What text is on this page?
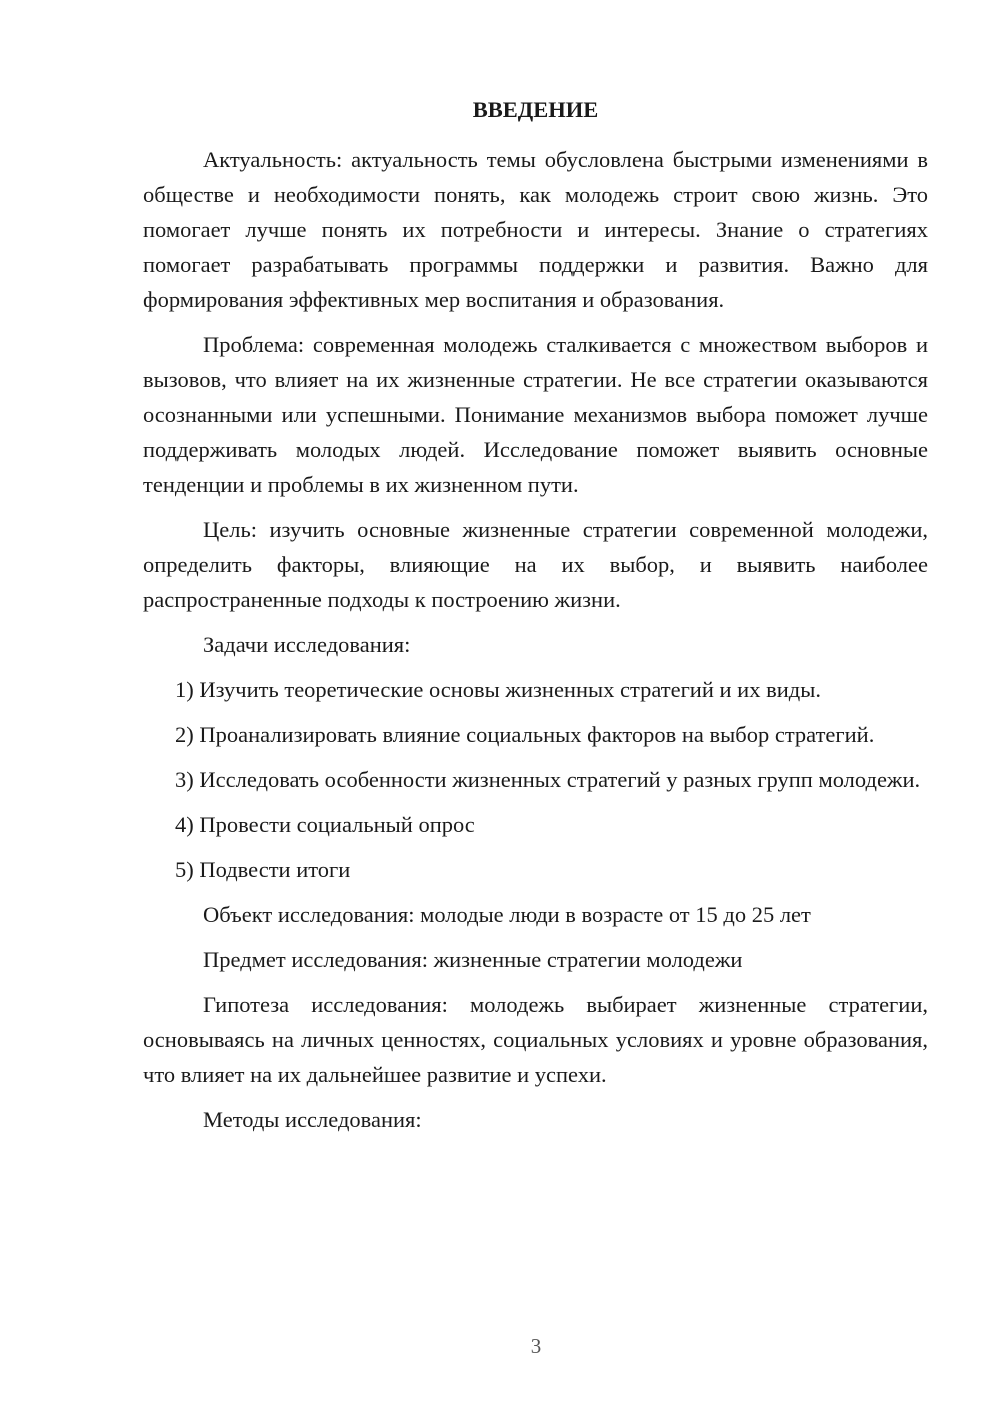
ВВЕДЕНИЕ

Актуальность: актуальность темы обусловлена быстрыми изменениями в обществе и необходимости понять, как молодежь строит свою жизнь. Это помогает лучше понять их потребности и интересы. Знание о стратегиях помогает разрабатывать программы поддержки и развития. Важно для формирования эффективных мер воспитания и образования.

Проблема: современная молодежь сталкивается с множеством выборов и вызовов, что влияет на их жизненные стратегии. Не все стратегии оказываются осознанными или успешными. Понимание механизмов выбора поможет лучше поддерживать молодых людей. Исследование поможет выявить основные тенденции и проблемы в их жизненном пути.

Цель: изучить основные жизненные стратегии современной молодежи, определить факторы, влияющие на их выбор, и выявить наиболее распространенные подходы к построению жизни.

Задачи исследования:

1) Изучить теоретические основы жизненных стратегий и их виды.

2) Проанализировать влияние социальных факторов на выбор стратегий.

3) Исследовать особенности жизненных стратегий у разных групп молодежи.

4) Провести социальный опрос

5) Подвести итоги

Объект исследования: молодые люди в возрасте от 15 до 25 лет

Предмет исследования: жизненные стратегии молодежи

Гипотеза исследования: молодежь выбирает жизненные стратегии, основываясь на личных ценностях, социальных условиях и уровне образования, что влияет на их дальнейшее развитие и успехи.

Методы исследования:

3
